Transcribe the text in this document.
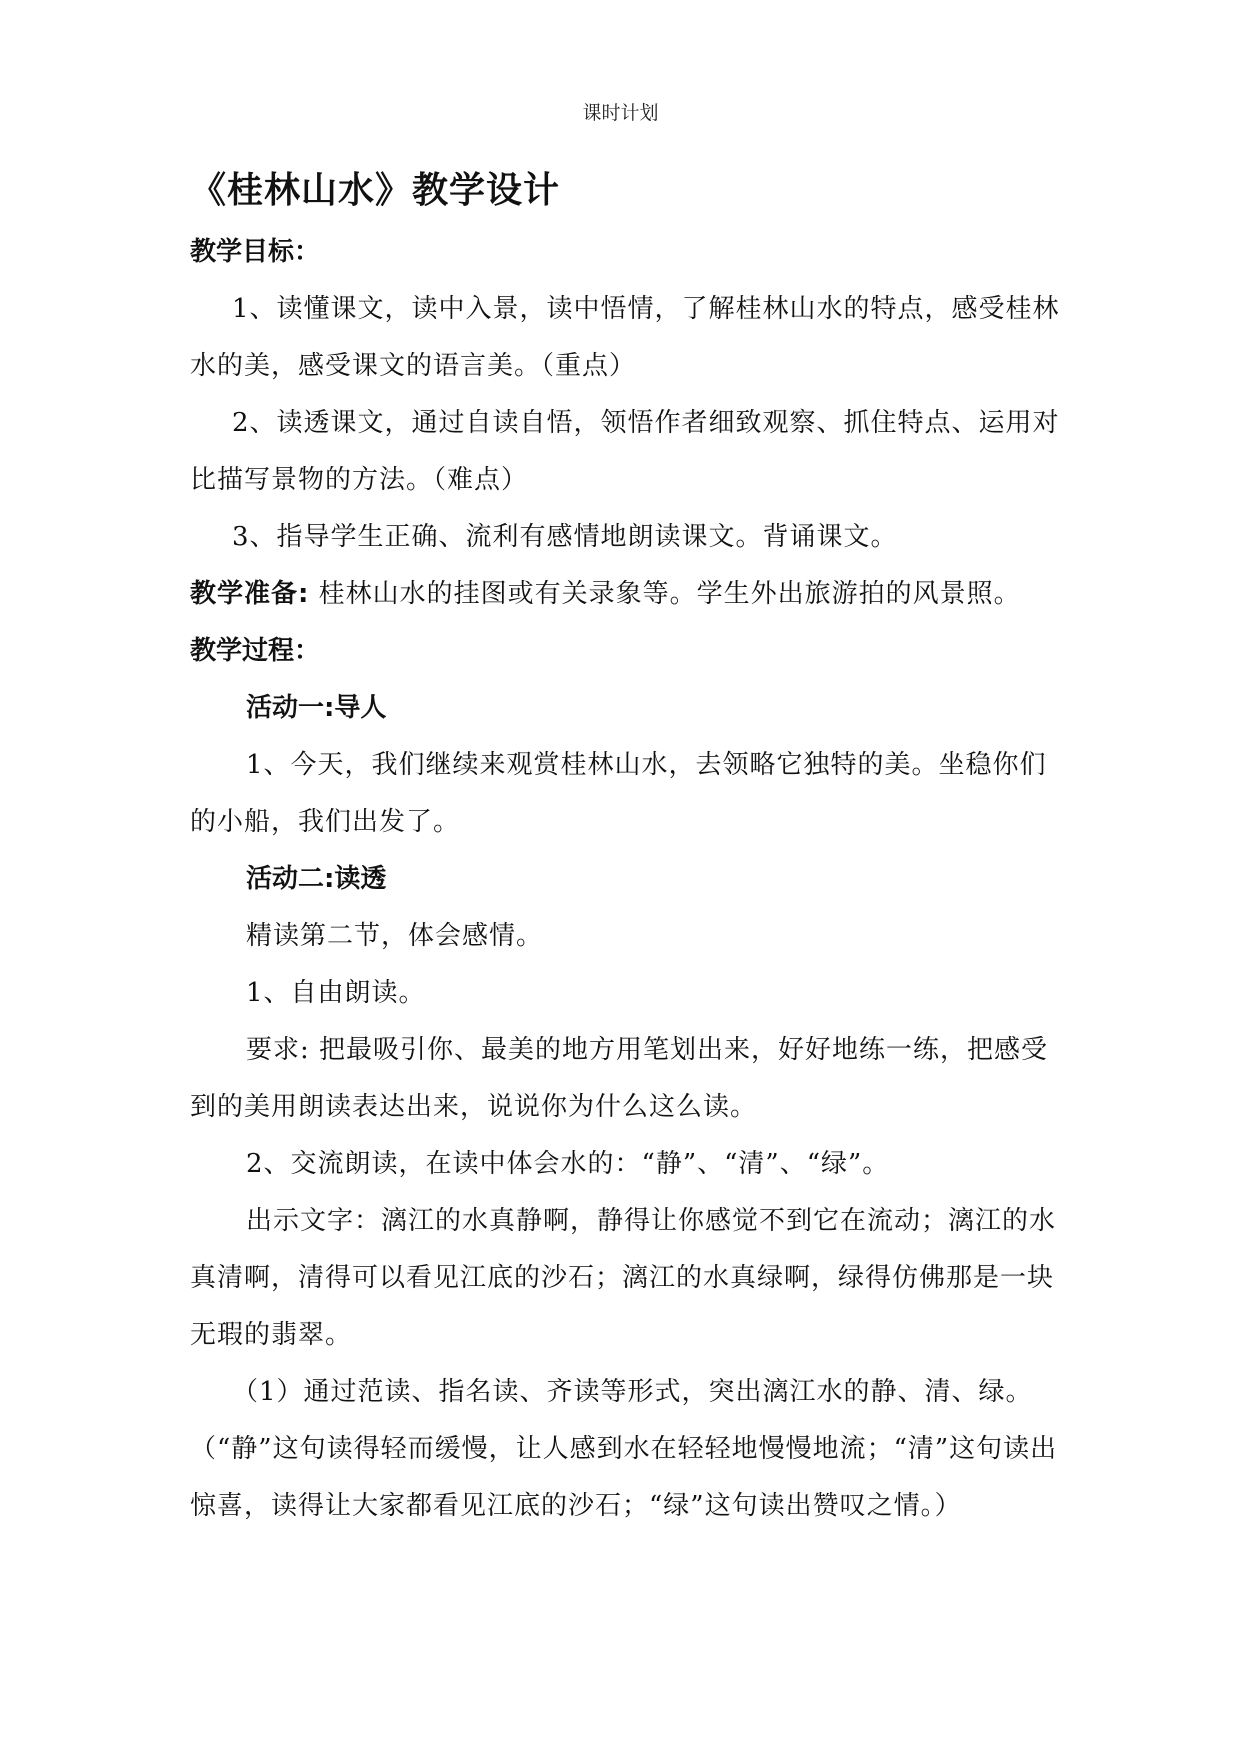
课时计划
《桂林山水》教学设计

教学目标：

1、读懂课文，读中入景，读中悟情，了解桂林山水的特点，感受桂林水的美，感受课文的语言美。（重点）

2、读透课文，通过自读自悟，领悟作者细致观察、抓住特点、运用对比描写景物的方法。（难点）

3、指导学生正确、流利有感情地朗读课文。背诵课文。

教学准备: 桂林山水的挂图或有关录象等。学生外出旅游拍的风景照。

教学过程：

活动一:导人

1、今天，我们继续来观赏桂林山水，去领略它独特的美。坐稳你们的小船，我们出发了。

活动二:读透

精读第二节，体会感情。

1、自由朗读。

要求: 把最吸引你、最美的地方用笔划出来，好好地练一练，把感受到的美用朗读表达出来，说说你为什么这么读。

2、交流朗读，在读中体会水的：“静”、“清”、“绿”。

出示文字：漓江的水真静啊，静得让你感觉不到它在流动；漓江的水真清啊，清得可以看见江底的沙石；漓江的水真绿啊，绿得仿佛那是一块无瑕的翡翠。

（1）通过范读、指名读、齐读等形式，突出漓江水的静、清、绿。（“静”这句读得轻而缓慢，让人感到水在轻轻地慢慢地流；“清”这句读出惊喜，读得让大家都看见江底的沙石；“绿”这句读出赞叹之情。）
